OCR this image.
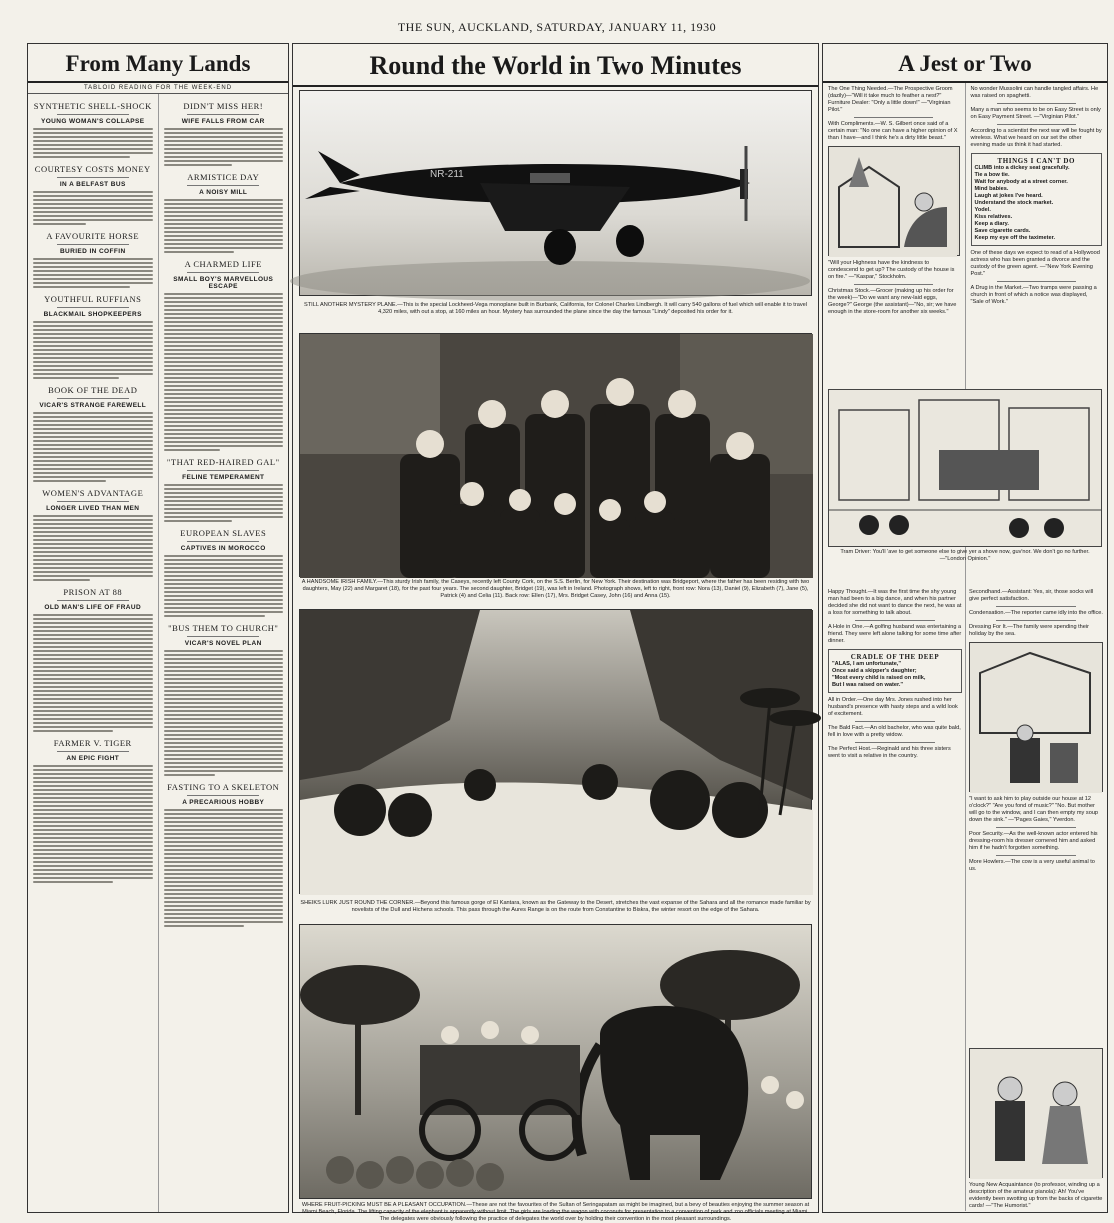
THE SUN, AUCKLAND, SATURDAY, JANUARY 11, 1930
From Many Lands
TABLOID READING FOR THE WEEK-END
SYNTHETIC SHELL-SHOCK
YOUNG WOMAN'S COLLAPSE
COURTESY COSTS MONEY
IN A BELFAST BUS
A FAVOURITE HORSE
BURIED IN COFFIN
YOUTHFUL RUFFIANS
BLACKMAIL SHOPKEEPERS
BOOK OF THE DEAD
VICAR'S STRANGE FAREWELL
WOMEN'S ADVANTAGE
LONGER LIVED THAN MEN
PRISON AT 88
OLD MAN'S LIFE OF FRAUD
FARMER V. TIGER
AN EPIC FIGHT
DIDN'T MISS HER!
WIFE FALLS FROM CAR
ARMISTICE DAY
A NOISY MILL
A CHARMED LIFE
SMALL BOY'S MARVELLOUS ESCAPE
"THAT RED-HAIRED GAL"
FELINE TEMPERAMENT
EUROPEAN SLAVES
CAPTIVES IN MOROCCO
"BUS THEM TO CHURCH"
VICAR'S NOVEL PLAN
FASTING TO A SKELETON
A PRECARIOUS HOBBY
Round the World in Two Minutes
NR-211
STILL ANOTHER MYSTERY PLANE.—This is the special Lockheed-Vega monoplane built in Burbank, California, for Colonel Charles Lindbergh. It will carry 540 gallons of fuel which will enable it to travel 4,320 miles, with out a stop, at 160 miles an hour. Mystery has surrounded the plane since the day the famous "Lindy" deposited his order for it.
A HANDSOME IRISH FAMILY.—This sturdy Irish family, the Caseys, recently left County Cork, on the S.S. Berlin, for New York. Their destination was Bridgeport, where the father has been residing with two daughters, May (22) and Margaret (18), for the past four years. The second daughter, Bridget (19), was left in Ireland. Photograph shows, left to right, front row: Nora (13), Daniel (9), Elizabeth (7), Jane (5), Patrick (4) and Celia (11). Back row: Ellen (17), Mrs. Bridget Casey, John (16) and Anna (15).
SHEIKS LURK JUST ROUND THE CORNER.—Beyond this famous gorge of El Kantara, known as the Gateway to the Desert, stretches the vast expanse of the Sahara and all the romance made familiar by novelists of the Dull and Hichens schools. This pass through the Aures Range is on the route from Constantine to Biskra, the winter resort on the edge of the Sahara.
WHERE FRUIT-PICKING MUST BE A PLEASANT OCCUPATION.—These are not the favourites of the Sultan of Seringapatam as might be imagined, but a bevy of beauties enjoying the summer season at Miami Beach, Florida. The lifting capacity of the elephant is apparently without limit. The girls are loading the wagon with coconuts for presentation to a convention of park and zoo officials meeting at Miami. The delegates were obviously following the practice of delegates the world over by holding their convention in the most pleasant surroundings.
A Jest or Two
The One Thing Needed.—The Prospective Groom (dazily)—"Will it take much to feather a nest?" Furniture Dealer: "Only a little down!" —"Virginian Pilot."
With Compliments.—W. S. Gilbert once said of a certain man: "No one can have a higher opinion of X than I have—and I think he's a dirty little beast."
"Will your Highness have the kindness to condescend to get up? The custody of the house is on fire." —"Kaspar," Stockholm.
Christmas Stock.—Grocer (making up his order for the week)—"Do we want any new-laid eggs, George?" George (the assistant)—"No, sir; we have enough in the store-room for another six weeks."
No wonder Mussolini can handle tangled affairs. He was raised on spaghetti.
Many a man who seems to be on Easy Street is only on Easy Payment Street. —"Virginian Pilot."
According to a scientist the next war will be fought by wireless. What we heard on our set the other evening made us think it had started.
THINGS I CAN'T DO
CLIMB into a dickey seat gracefully.
Tie a bow tie.
Wait for anybody at a street corner.
Mind babies.
Laugh at jokes I've heard.
Understand the stock market.
Yodel.
Kiss relatives.
Keep a diary.
Save cigarette cards.
Keep my eye off the taximeter.
One of these days we expect to read of a Hollywood actress who has been granted a divorce and the custody of the green agent. —"New York Evening Post."
A Drug in the Market.—Two tramps were passing a church in front of which a notice was displayed, "Sale of Work."
Tram Driver: You'll 'ave to get someone else to give yer a shove now, guv'nor. We don't go no further. —"London Opinion."
Happy Thought.—It was the first time the shy young man had been to a big dance, and when his partner decided she did not want to dance the next, he was at a loss for something to talk about.
A Hole in One.—A golfing husband was entertaining a friend. They were left alone talking for some time after dinner.
CRADLE OF THE DEEP
"ALAS, I am unfortunate,"
Once said a skipper's daughter;
"Most every child is raised on milk,
But I was raised on water."
All in Order.—One day Mrs. Jones rushed into her husband's presence with hasty steps and a wild look of excitement.
The Bald Fact.—An old bachelor, who was quite bald, fell in love with a pretty widow.
The Perfect Host.—Reginald and his three sisters went to visit a relative in the country.
Secondhand.—Assistant: Yes, sir, those socks will give perfect satisfaction.
Condensation.—The reporter came idly into the office.
Dressing For It.—The family were spending their holiday by the sea.
"I want to ask him to play outside our house at 12 o'clock?" "Are you fond of music?" "No. But mother will go to the window, and I can then empty my soup down the sink." —"Pages Gaies," Yverdon.
Poor Security.—As the well-known actor entered his dressing-room his dresser cornered him and asked him if he hadn't forgotten something.
More Howlers.—The cow is a very useful animal to us.
Young New Acquaintance (to professor, winding up a description of the amateur pianola): Ah! You've evidently been swotting up from the backs of cigarette cards! —"The Humorist."
